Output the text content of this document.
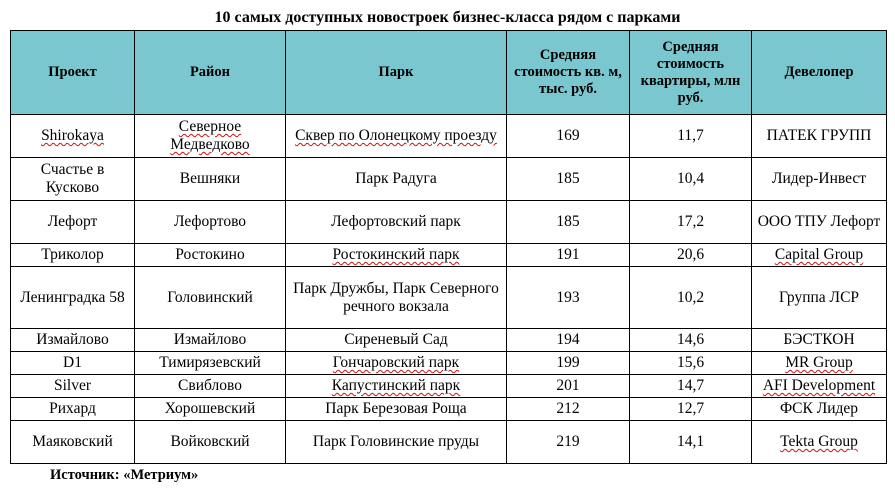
10 самых доступных новостроек бизнес-класса рядом с парками
Проект	Район	Парк	Средняя стоимость кв. м, тыс. руб.	Средняя стоимость квартиры, млн руб.	Девелопер
Shirokaya	Северное Медведково	Сквер по Олонецкому проезду	169	11,7	ПАТЕК ГРУПП
Счастье в Кусково	Вешняки	Парк Радуга	185	10,4	Лидер-Инвест
Лефорт	Лефортово	Лефортовский парк	185	17,2	ООО ТПУ Лефорт
Триколор	Ростокино	Ростокинский парк	191	20,6	Capital Group
Ленинградка 58	Головинский	Парк Дружбы, Парк Северного речного вокзала	193	10,2	Группа ЛСР
Измайлово	Измайлово	Сиреневый Сад	194	14,6	БЭСТКОН
D1	Тимирязевский	Гончаровский парк	199	15,6	MR Group
Silver	Свиблово	Капустинский парк	201	14,7	AFI Development
Рихард	Хорошевский	Парк Березовая Роща	212	12,7	ФСК Лидер
Маяковский	Войковский	Парк Головинские пруды	219	14,1	Tekta Group
Источник: «Метриум»
